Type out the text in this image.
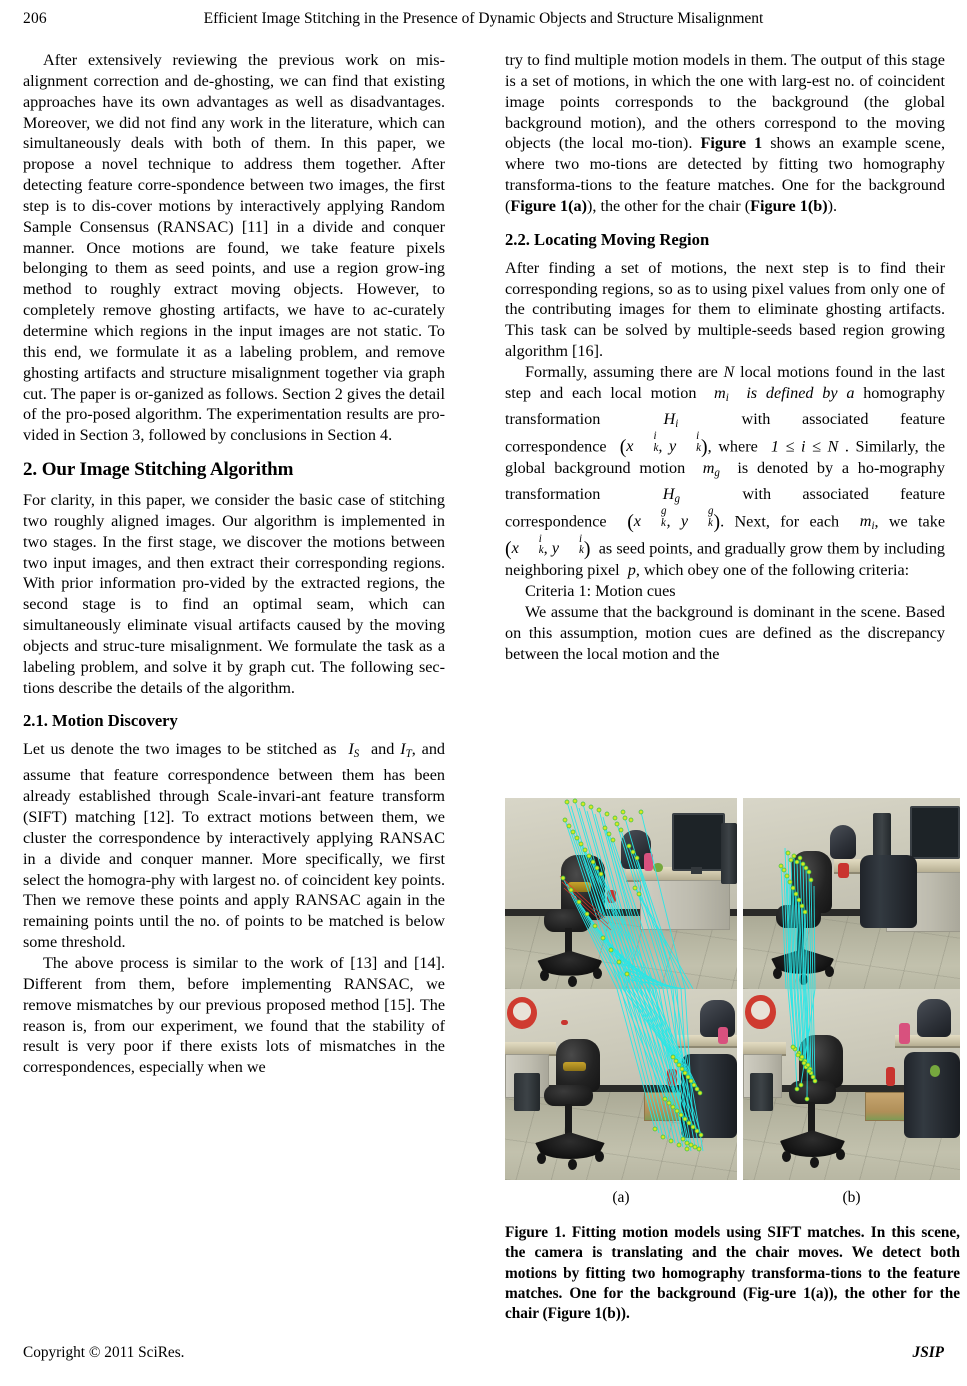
206	Efficient Image Stitching in the Presence of Dynamic Objects and Structure Misalignment

After extensively reviewing the previous work on mis-alignment correction and de-ghosting, we can find that existing approaches have its own advantages as well as disadvantages. Moreover, we did not find any work in the literature, which can simultaneously deals with both of them. In this paper, we propose a novel technique to address them together. After detecting feature corre-spondence between two images, the first step is to dis-cover motions by interactively applying Random Sample Consensus (RANSAC) [11] in a divide and conquer manner. Once motions are found, we take feature pixels belonging to them as seed points, and use a region grow-ing method to roughly extract moving objects. However, to completely remove ghosting artifacts, we have to ac-curately determine which regions in the input images are not static. To this end, we formulate it as a labeling problem, and remove ghosting artifacts and structure misalignment together via graph cut. The paper is or-ganized as follows. Section 2 gives the detail of the pro-posed algorithm. The experimentation results are pro-vided in Section 3, followed by conclusions in Section 4.

2. Our Image Stitching Algorithm

For clarity, in this paper, we consider the basic case of stitching two roughly aligned images. Our algorithm is implemented in two stages. In the first stage, we discover the motions between two input images, and then extract their corresponding regions. With prior information pro-vided by the extracted regions, the second stage is to find an optimal seam, which can simultaneously eliminate visual artifacts caused by the moving objects and struc-ture misalignment. We formulate the task as a labeling problem, and solve it by graph cut. The following sec-tions describe the details of the algorithm.

2.1. Motion Discovery

Let us denote the two images to be stitched as $I_S$ and $I_T$, and assume that feature correspondence between them has been already established through Scale-invari-ant feature transform (SIFT) matching [12]. To extract motions between them, we cluster the correspondence by interactively applying RANSAC in a divide and conquer manner. More specifically, we first select the homogra-phy with largest no. of coincident key points. Then we remove these points and apply RANSAC again in the remaining points until the no. of points to be matched is below some threshold.

The above process is similar to the work of [13] and [14]. Different from them, before implementing RANSAC, we remove mismatches by our previous proposed method [15]. The reason is, from our experiment, we found that the stability of result is very poor if there exists lots of mismatches in the correspondences, especially when we

try to find multiple motion models in them. The output of this stage is a set of motions, in which the one with larg-est no. of coincident image points corresponds to the background (the global background motion), and the others correspond to the moving objects (the local mo-tion). Figure 1 shows an example scene, where two mo-tions are detected by fitting two homography transforma-tions to the feature matches. One for the background (Figure 1(a)), the other for the chair (Figure 1(b)).

2.2. Locating Moving Region

After finding a set of motions, the next step is to find their corresponding regions, so as to using pixel values from only one of the contributing images for them to eliminate ghosting artifacts. This task can be solved by multiple-seeds based region growing algorithm [16].

Formally, assuming there are N local motions found in the last step and each local motion $m_i$ is defined by a homography transformation	$H_i$	with associated feature correspondence (x
i
k , y
i
k ), where 1 ≤ i ≤ N . Similarly, the global background motion $m_g$ is denoted by a ho-mography transformation	$H_g$	with associated feature correspondence (x
g
k , y
g
k ). Next, for each $m_i$, we take (x
i
k , y
i
k ) as seed points, and gradually grow them by including neighboring pixel p, which obey one of the following criteria:

Criteria 1: Motion cues

We assume that the background is dominant in the scene. Based on this assumption, motion cues are defined as the discrepancy between the local motion and the

(a)	(b)
Figure 1. Fitting motion models using SIFT matches. In this scene, the camera is translating and the chair moves. We detect both motions by fitting two homography transforma-tions to the feature matches. One for the background (Fig-ure 1(a)), the other for the chair (Figure 1(b)).
Copyright © 2011 SciRes.	JSIP
